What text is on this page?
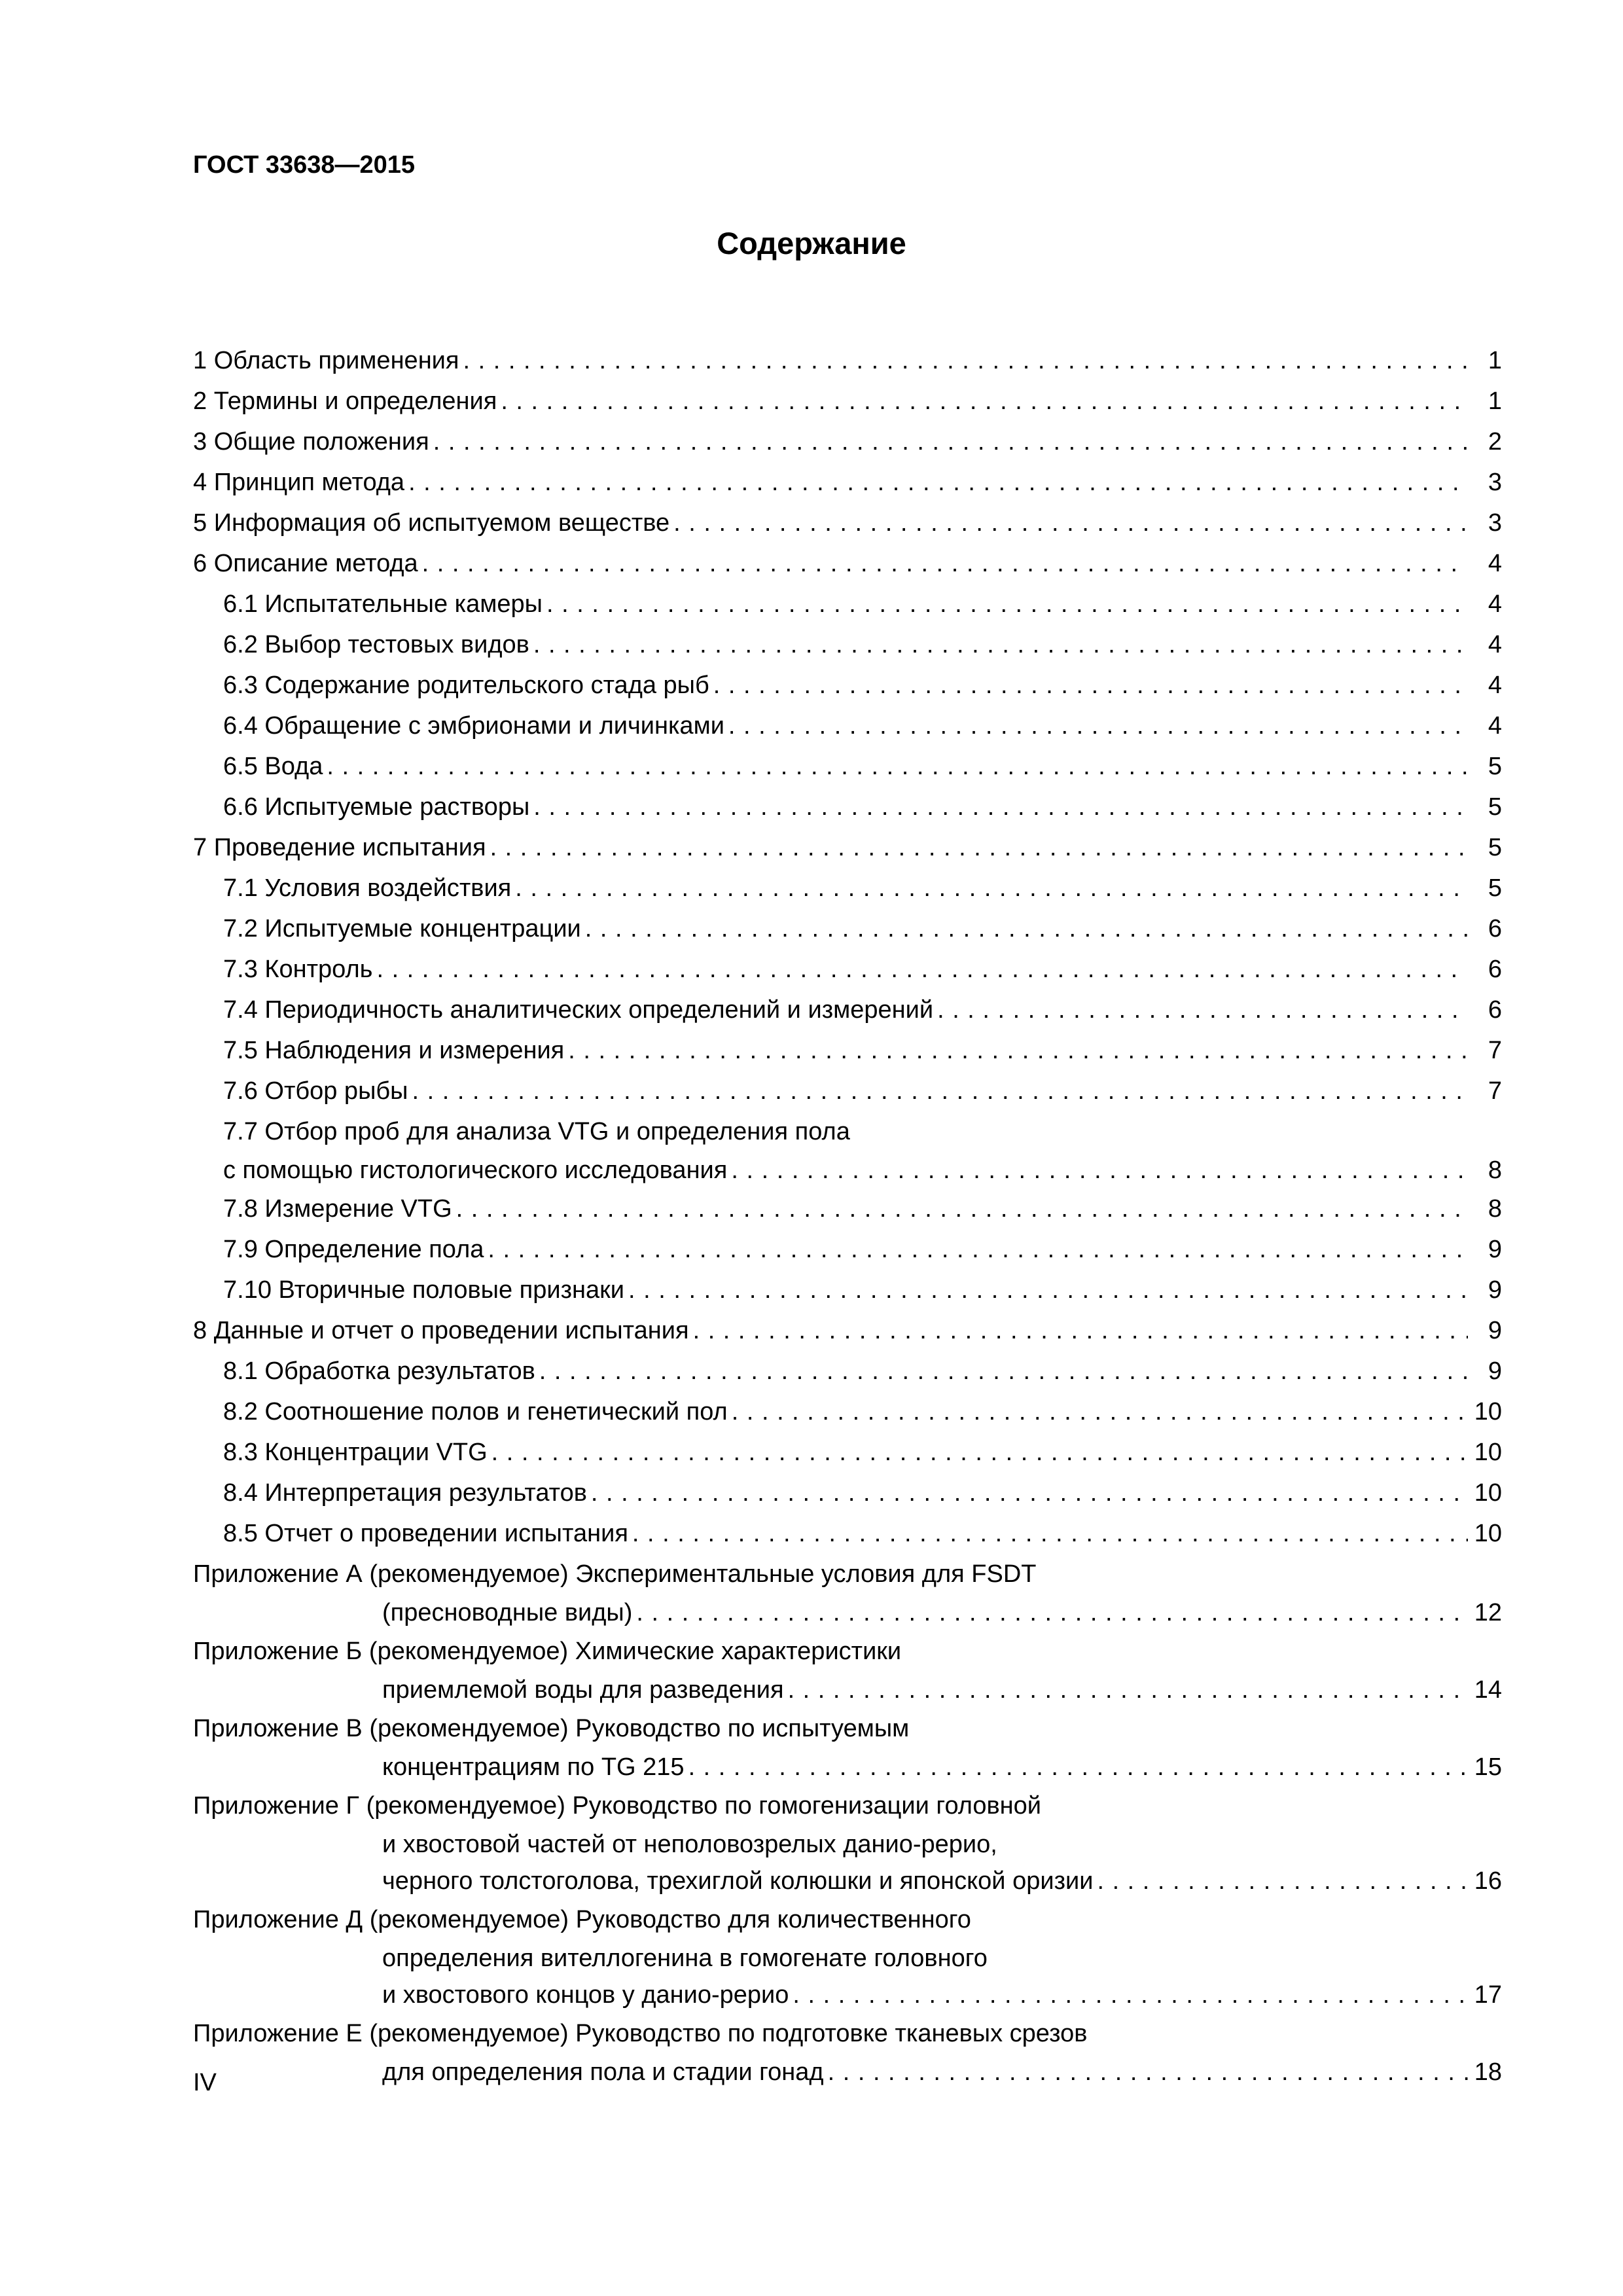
ГОСТ 33638—2015
Содержание
1 Область применения . . .	1
2 Термины и определения . . .	1
3 Общие положения . . .	2
4 Принцип метода . . .	3
5 Информация об испытуемом веществе . . .	3
6 Описание метода . . .	4
6.1 Испытательные камеры . . .	4
6.2 Выбор тестовых видов . . .	4
6.3 Содержание родительского стада рыб . . .	4
6.4 Обращение с эмбрионами и личинками . . .	4
6.5 Вода . . .	5
6.6 Испытуемые растворы . . .	5
7 Проведение испытания . . .	5
7.1 Условия воздействия . . .	5
7.2 Испытуемые концентрации . . .	6
7.3 Контроль . . .	6
7.4 Периодичность аналитических определений и измерений . . .	6
7.5 Наблюдения и измерения . . .	7
7.6 Отбор рыбы . . .	7
7.7 Отбор проб для анализа VTG и определения пола
с помощью гистологического исследования . . .	8
7.8 Измерение VTG . . .	8
7.9 Определение пола . . .	9
7.10 Вторичные половые признаки . . .	9
8 Данные и отчет о проведении испытания . . .	9
8.1 Обработка результатов . . .	9
8.2 Соотношение полов и генетический пол . . .	10
8.3 Концентрации VTG . . .	10
8.4 Интерпретация результатов . . .	10
8.5 Отчет о проведении испытания . . .	10
Приложение А (рекомендуемое) Экспериментальные условия для FSDT
(пресноводные виды) . . .	12
Приложение Б (рекомендуемое) Химические характеристики
приемлемой воды для разведения . . .	14
Приложение В (рекомендуемое) Руководство по испытуемым
концентрациям по TG 215 . . .	15
Приложение Г (рекомендуемое) Руководство по гомогенизации головной
и хвостовой частей от неполовозрелых данио-рерио,
черного толстоголова, трехиглой колюшки и японской оризии . . .	16
Приложение Д (рекомендуемое) Руководство для количественного
определения вителлогенина в гомогенате головного
и хвостового концов у данио-рерио . . .	17
Приложение Е (рекомендуемое) Руководство по подготовке тканевых срезов
для определения пола и стадии гонад . . .	18
IV
